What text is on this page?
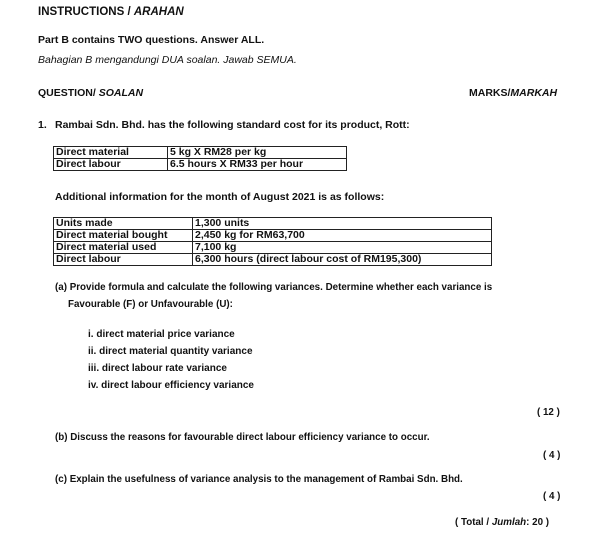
INSTRUCTIONS / ARAHAN
Part B contains TWO questions. Answer ALL.
Bahagian B mengandungi DUA soalan. Jawab SEMUA.
QUESTION/ SOALAN	MARKS/MARKAH
1. Rambai Sdn. Bhd. has the following standard cost for its product, Rott:
Direct material	5 kg X RM28 per kg
Direct labour	6.5 hours X RM33 per hour
Additional information for the month of August 2021 is as follows:
Units made	1,300 units
Direct material bought	2,450 kg for RM63,700
Direct material used	7,100 kg
Direct labour	6,300 hours (direct labour cost of RM195,300)
(a) Provide formula and calculate the following variances. Determine whether each variance is
Favourable (F) or Unfavourable (U):
i. direct material price variance
ii. direct material quantity variance
iii. direct labour rate variance
iv. direct labour efficiency variance
( 12 )
(b) Discuss the reasons for favourable direct labour efficiency variance to occur.
( 4 )
(c) Explain the usefulness of variance analysis to the management of Rambai Sdn. Bhd.
( 4 )
( Total / Jumlah: 20 )
